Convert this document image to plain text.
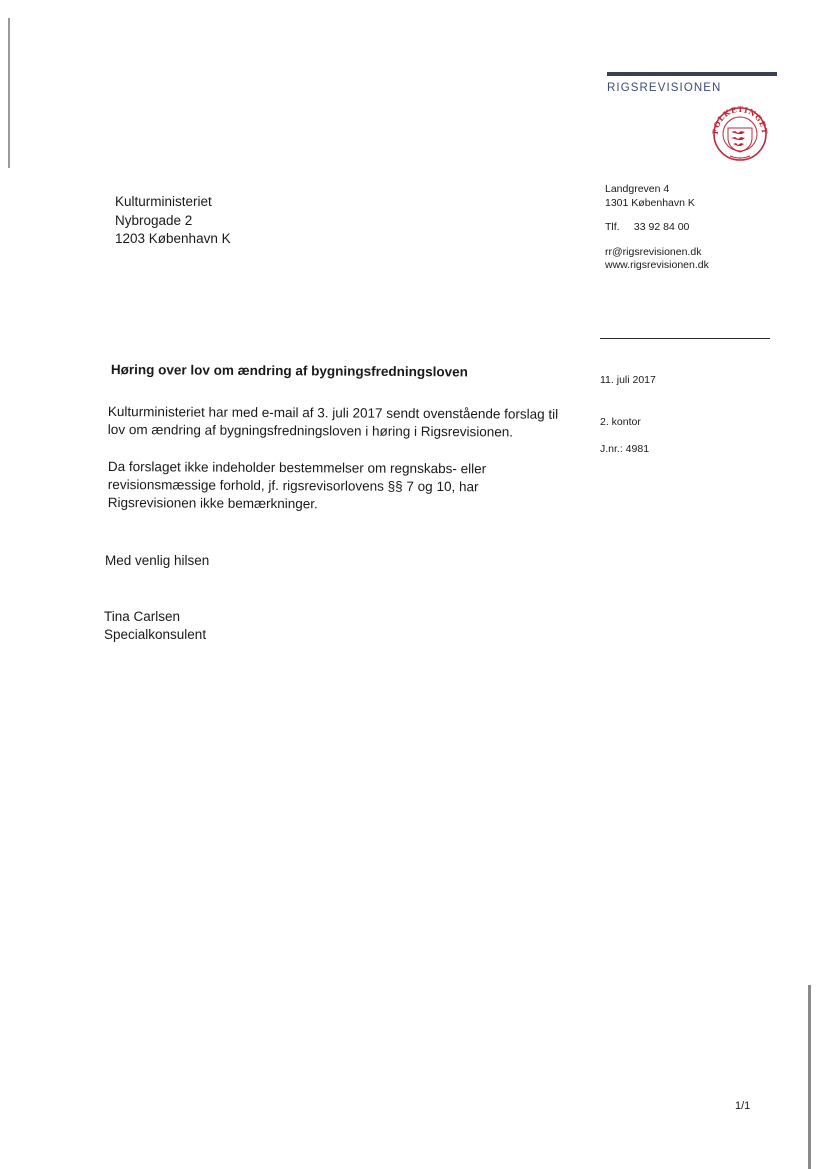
RIGSREVISIONEN
FOLKETINGET
Kulturministeriet
Nybrogade 2
1203 København K
Landgreven 4
1301 København K
Tlf. 33 92 84 00
rr@rigsrevisionen.dk
www.rigsrevisionen.dk
Høring over lov om ændring af bygningsfredningsloven
11. juli 2017
2. kontor
J.nr.: 4981
Kulturministeriet har med e-mail af 3. juli 2017 sendt ovenstående forslag til lov om ændring af bygningsfredningsloven i høring i Rigsrevisionen.
Da forslaget ikke indeholder bestemmelser om regnskabs- eller revisionsmæssige forhold, jf. rigsrevisorlovens §§ 7 og 10, har Rigsrevisionen ikke bemærkninger.
Med venlig hilsen
Tina Carlsen
Specialkonsulent
1/1
